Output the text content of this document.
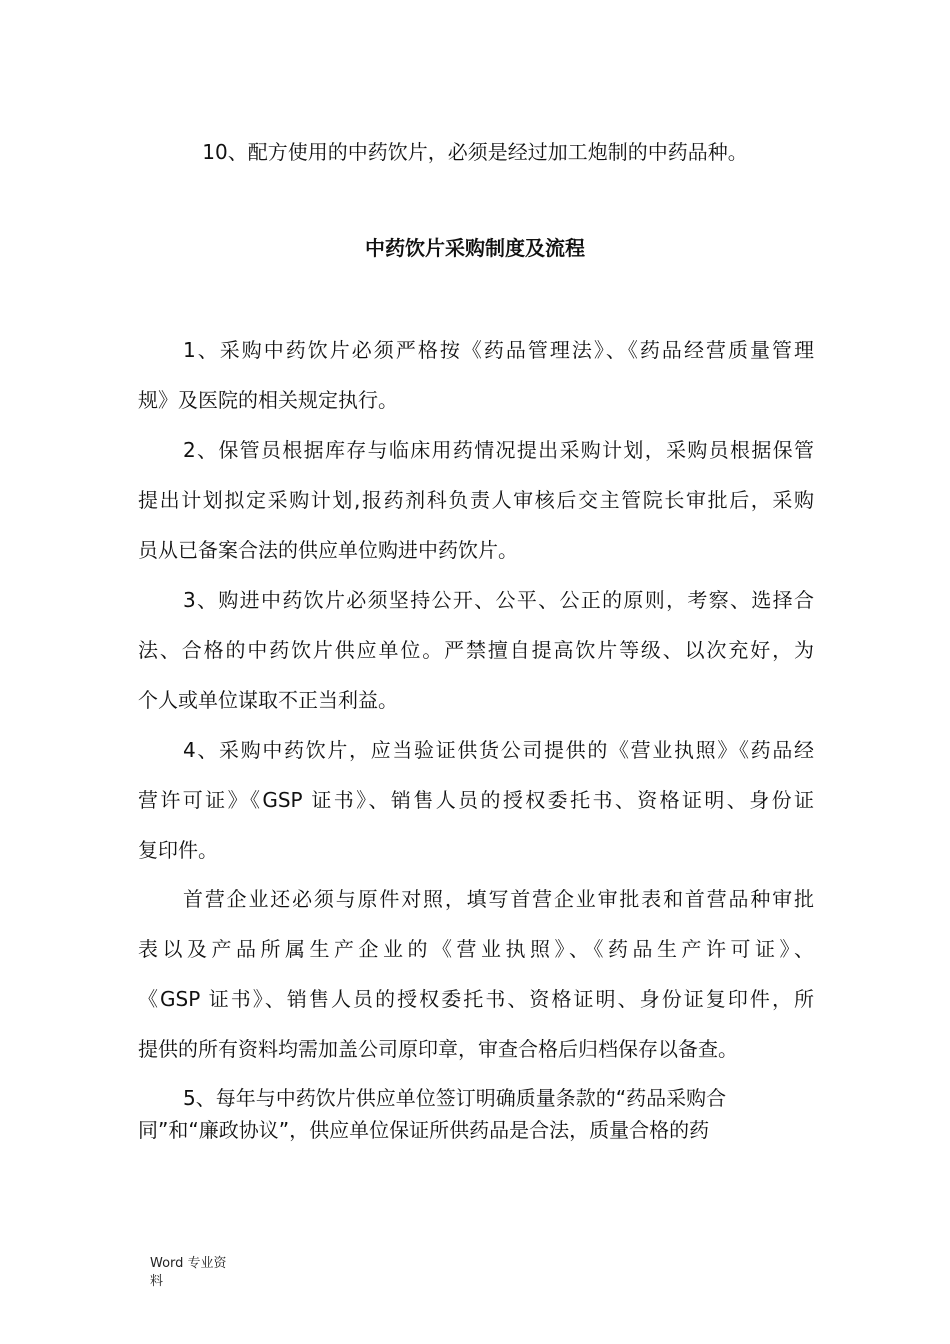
10、配方使用的中药饮片，必须是经过加工炮制的中药品种。
中药饮片采购制度及流程
1、采购中药饮片必须严格按《药品管理法》、《药品经营质量管理
规》及医院的相关规定执行。
2、保管员根据库存与临床用药情况提出采购计划，采购员根据保管
提出计划拟定采购计划,报药剂科负责人审核后交主管院长审批后，采购
员从已备案合法的供应单位购进中药饮片。
3、购进中药饮片必须坚持公开、公平、公正的原则，考察、选择合
法、合格的中药饮片供应单位。严禁擅自提高饮片等级、以次充好，为
个人或单位谋取不正当利益。
4、采购中药饮片，应当验证供货公司提供的《营业执照》《药品经
营许可证》《GSP 证书》、销售人员的授权委托书、资格证明、身份证
复印件。
首营企业还必须与原件对照，填写首营企业审批表和首营品种审批
表以及产品所属生产企业的《营业执照》、《药品生产许可证》、
《GSP 证书》、销售人员的授权委托书、资格证明、身份证复印件，所
提供的所有资料均需加盖公司原印章，审查合格后归档保存以备查。
5、每年与中药饮片供应单位签订明确质量条款的“药品采购合
同”和“廉政协议”，供应单位保证所供药品是合法，质量合格的药
Word 专业资
料
